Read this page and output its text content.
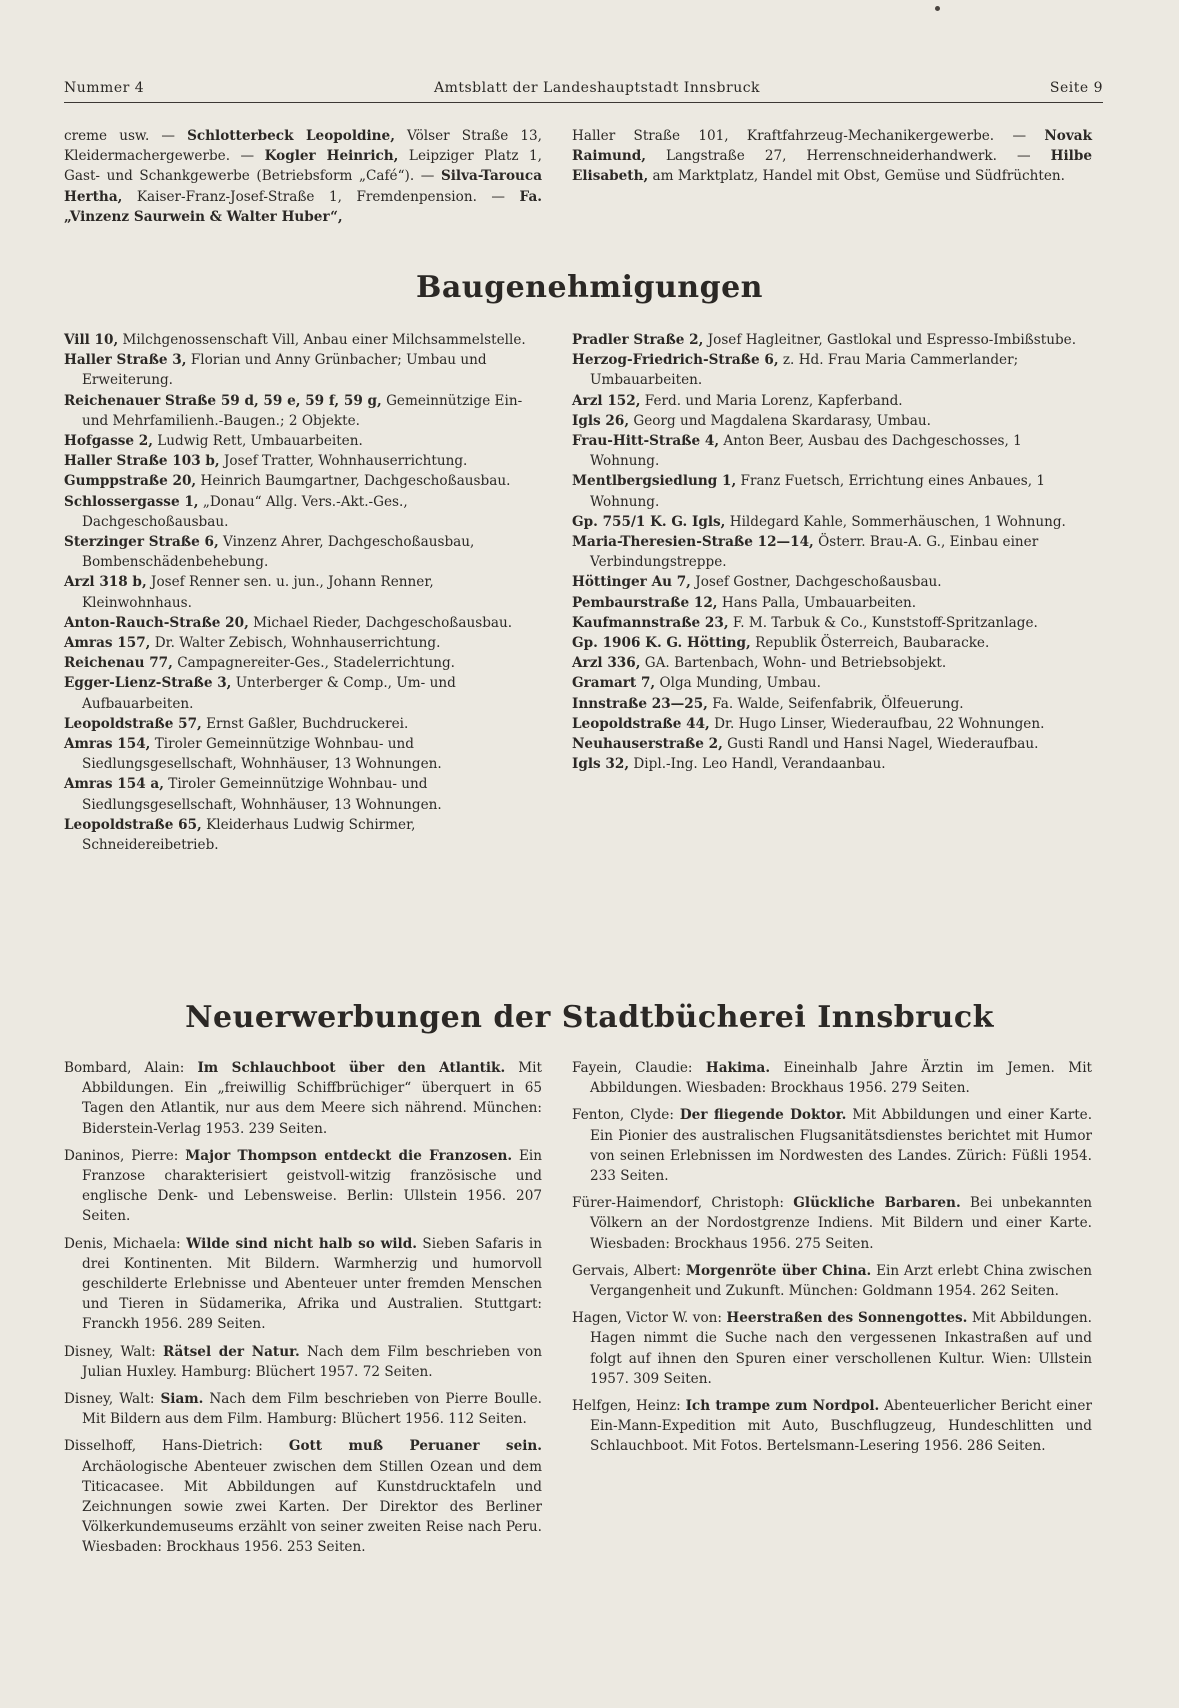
Nummer 4	Amtsblatt der Landeshauptstadt Innsbruck	Seite 9

creme usw. — Schlotterbeck Leopoldine, Völser Straße 13, Kleidermachergewerbe. — Kogler Heinrich, Leipziger Platz 1, Gast- und Schankgewerbe (Betriebsform „Café“). — Silva-Tarouca Hertha, Kaiser-Franz-Josef-Straße 1, Fremdenpension. — Fa. „Vinzenz Saurwein & Walter Huber“,

Haller Straße 101, Kraftfahrzeug-Mechanikergewerbe. — Novak Raimund, Langstraße 27, Herrenschneiderhandwerk. — Hilbe Elisabeth, am Marktplatz, Handel mit Obst, Gemüse und Südfrüchten.

Baugenehmigungen

Vill 10, Milchgenossenschaft Vill, Anbau einer Milchsammelstelle.

Haller Straße 3, Florian und Anny Grünbacher; Umbau und Erweiterung.

Reichenauer Straße 59 d, 59 e, 59 f, 59 g, Gemeinnützige Ein- und Mehrfamilienh.-Baugen.; 2 Objekte.

Hofgasse 2, Ludwig Rett, Umbauarbeiten.

Haller Straße 103 b, Josef Tratter, Wohnhauserrichtung.

Gumppstraße 20, Heinrich Baumgartner, Dachgeschoßausbau.

Schlossergasse 1, „Donau“ Allg. Vers.-Akt.-Ges., Dachgeschoßausbau.

Sterzinger Straße 6, Vinzenz Ahrer, Dachgeschoßausbau, Bombenschädenbehebung.

Arzl 318 b, Josef Renner sen. u. jun., Johann Renner, Kleinwohnhaus.

Anton-Rauch-Straße 20, Michael Rieder, Dachgeschoßausbau.

Amras 157, Dr. Walter Zebisch, Wohnhauserrichtung.

Reichenau 77, Campagnereiter-Ges., Stadelerrichtung.

Egger-Lienz-Straße 3, Unterberger & Comp., Um- und Aufbauarbeiten.

Leopoldstraße 57, Ernst Gaßler, Buchdruckerei.

Amras 154, Tiroler Gemeinnützige Wohnbau- und Siedlungsgesellschaft, Wohnhäuser, 13 Wohnungen.

Amras 154 a, Tiroler Gemeinnützige Wohnbau- und Siedlungsgesellschaft, Wohnhäuser, 13 Wohnungen.

Leopoldstraße 65, Kleiderhaus Ludwig Schirmer, Schneidereibetrieb.

Pradler Straße 2, Josef Hagleitner, Gastlokal und Espresso-Imbißstube.

Herzog-Friedrich-Straße 6, z. Hd. Frau Maria Cammerlander; Umbauarbeiten.

Arzl 152, Ferd. und Maria Lorenz, Kapferband.

Igls 26, Georg und Magdalena Skardarasy, Umbau.

Frau-Hitt-Straße 4, Anton Beer, Ausbau des Dachgeschosses, 1 Wohnung.

Mentlbergsiedlung 1, Franz Fuetsch, Errichtung eines Anbaues, 1 Wohnung.

Gp. 755/1 K. G. Igls, Hildegard Kahle, Sommerhäuschen, 1 Wohnung.

Maria-Theresien-Straße 12—14, Österr. Brau-A. G., Einbau einer Verbindungstreppe.

Höttinger Au 7, Josef Gostner, Dachgeschoßausbau.

Pembaurstraße 12, Hans Palla, Umbauarbeiten.

Kaufmannstraße 23, F. M. Tarbuk & Co., Kunststoff-Spritzanlage.

Gp. 1906 K. G. Hötting, Republik Österreich, Baubaracke.

Arzl 336, GA. Bartenbach, Wohn- und Betriebsobjekt.

Gramart 7, Olga Munding, Umbau.

Innstraße 23—25, Fa. Walde, Seifenfabrik, Ölfeuerung.

Leopoldstraße 44, Dr. Hugo Linser, Wiederaufbau, 22 Wohnungen.

Neuhauserstraße 2, Gusti Randl und Hansi Nagel, Wiederaufbau.

Igls 32, Dipl.-Ing. Leo Handl, Verandaanbau.

Neuerwerbungen der Stadtbücherei Innsbruck

Bombard, Alain: Im Schlauchboot über den Atlantik. Mit Abbildungen. Ein „freiwillig Schiffbrüchiger“ überquert in 65 Tagen den Atlantik, nur aus dem Meere sich nährend. München: Biderstein-Verlag 1953. 239 Seiten.

Daninos, Pierre: Major Thompson entdeckt die Franzosen. Ein Franzose charakterisiert geistvoll-witzig französische und englische Denk- und Lebensweise. Berlin: Ullstein 1956. 207 Seiten.

Denis, Michaela: Wilde sind nicht halb so wild. Sieben Safaris in drei Kontinenten. Mit Bildern. Warmherzig und humorvoll geschilderte Erlebnisse und Abenteuer unter fremden Menschen und Tieren in Südamerika, Afrika und Australien. Stuttgart: Franckh 1956. 289 Seiten.

Disney, Walt: Rätsel der Natur. Nach dem Film beschrieben von Julian Huxley. Hamburg: Blüchert 1957. 72 Seiten.

Disney, Walt: Siam. Nach dem Film beschrieben von Pierre Boulle. Mit Bildern aus dem Film. Hamburg: Blüchert 1956. 112 Seiten.

Disselhoff, Hans-Dietrich: Gott muß Peruaner sein. Archäologische Abenteuer zwischen dem Stillen Ozean und dem Titicacasee. Mit Abbildungen auf Kunstdrucktafeln und Zeichnungen sowie zwei Karten. Der Direktor des Berliner Völkerkundemuseums erzählt von seiner zweiten Reise nach Peru. Wiesbaden: Brockhaus 1956. 253 Seiten.

Fayein, Claudie: Hakima. Eineinhalb Jahre Ärztin im Jemen. Mit Abbildungen. Wiesbaden: Brockhaus 1956. 279 Seiten.

Fenton, Clyde: Der fliegende Doktor. Mit Abbildungen und einer Karte. Ein Pionier des australischen Flugsanitätsdienstes berichtet mit Humor von seinen Erlebnissen im Nordwesten des Landes. Zürich: Füßli 1954. 233 Seiten.

Fürer-Haimendorf, Christoph: Glückliche Barbaren. Bei unbekannten Völkern an der Nordostgrenze Indiens. Mit Bildern und einer Karte. Wiesbaden: Brockhaus 1956. 275 Seiten.

Gervais, Albert: Morgenröte über China. Ein Arzt erlebt China zwischen Vergangenheit und Zukunft. München: Goldmann 1954. 262 Seiten.

Hagen, Victor W. von: Heerstraßen des Sonnengottes. Mit Abbildungen. Hagen nimmt die Suche nach den vergessenen Inkastraßen auf und folgt auf ihnen den Spuren einer verschollenen Kultur. Wien: Ullstein 1957. 309 Seiten.

Helfgen, Heinz: Ich trampe zum Nordpol. Abenteuerlicher Bericht einer Ein-Mann-Expedition mit Auto, Buschflugzeug, Hundeschlitten und Schlauchboot. Mit Fotos. Bertelsmann-Lesering 1956. 286 Seiten.
